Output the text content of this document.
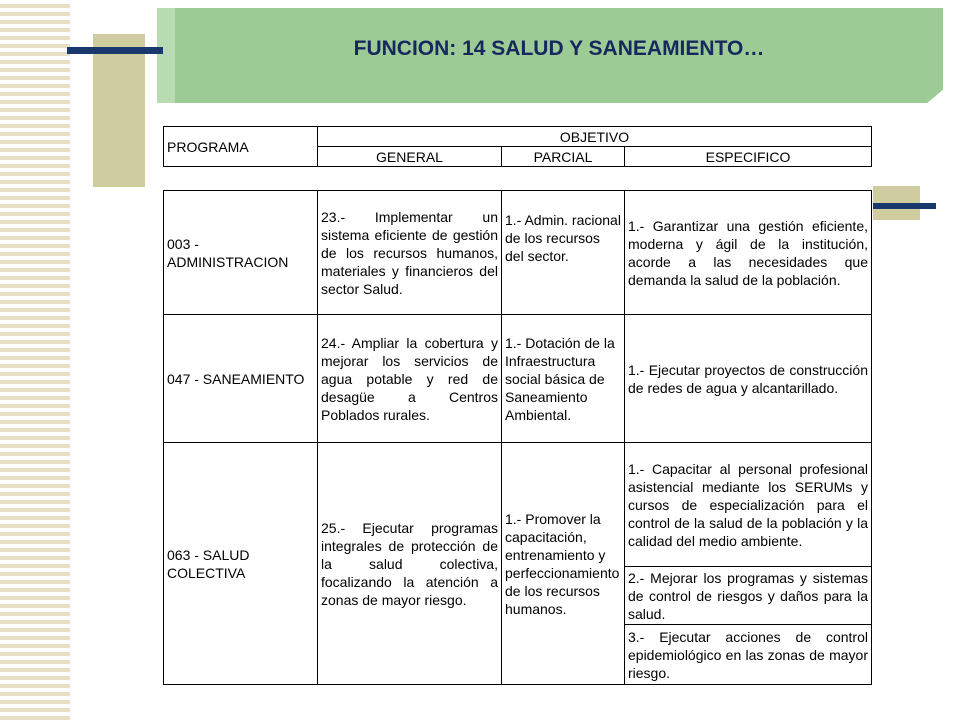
FUNCION: 14 SALUD Y SANEAMIENTO…
PROGRAMA	OBJETIVO		
	GENERAL	PARCIAL	ESPECIFICO
003 - ADMINISTRACION	23.- Implementar un sistema eficiente de gestión de los recursos humanos, materiales y financieros del sector Salud.	1.- Admin. racional de los recursos del sector.	1.- Garantizar una gestión eficiente, moderna y ágil de la institución, acorde a las necesidades que demanda la salud de la población.
047 - SANEAMIENTO	24.- Ampliar la cobertura y mejorar los servicios de agua potable y red de desagüe a Centros Poblados rurales.	1.- Dotación de la Infraestructura social básica de Saneamiento Ambiental.	1.- Ejecutar proyectos de construcción de redes de agua y alcantarillado.
063 - SALUD COLECTIVA	25.- Ejecutar programas integrales de protección de la salud colectiva, focalizando la atención a zonas de mayor riesgo.	1.- Promover la capacitación, entrenamiento y perfeccionamiento de los recursos humanos.	1.- Capacitar al personal profesional asistencial mediante los SERUMs y cursos de especialización para el control de la salud de la población y la calidad del medio ambiente.
			2.- Mejorar los programas y sistemas de control de riesgos y daños para la salud.
			3.- Ejecutar acciones de control epidemiológico en las zonas de mayor riesgo.
